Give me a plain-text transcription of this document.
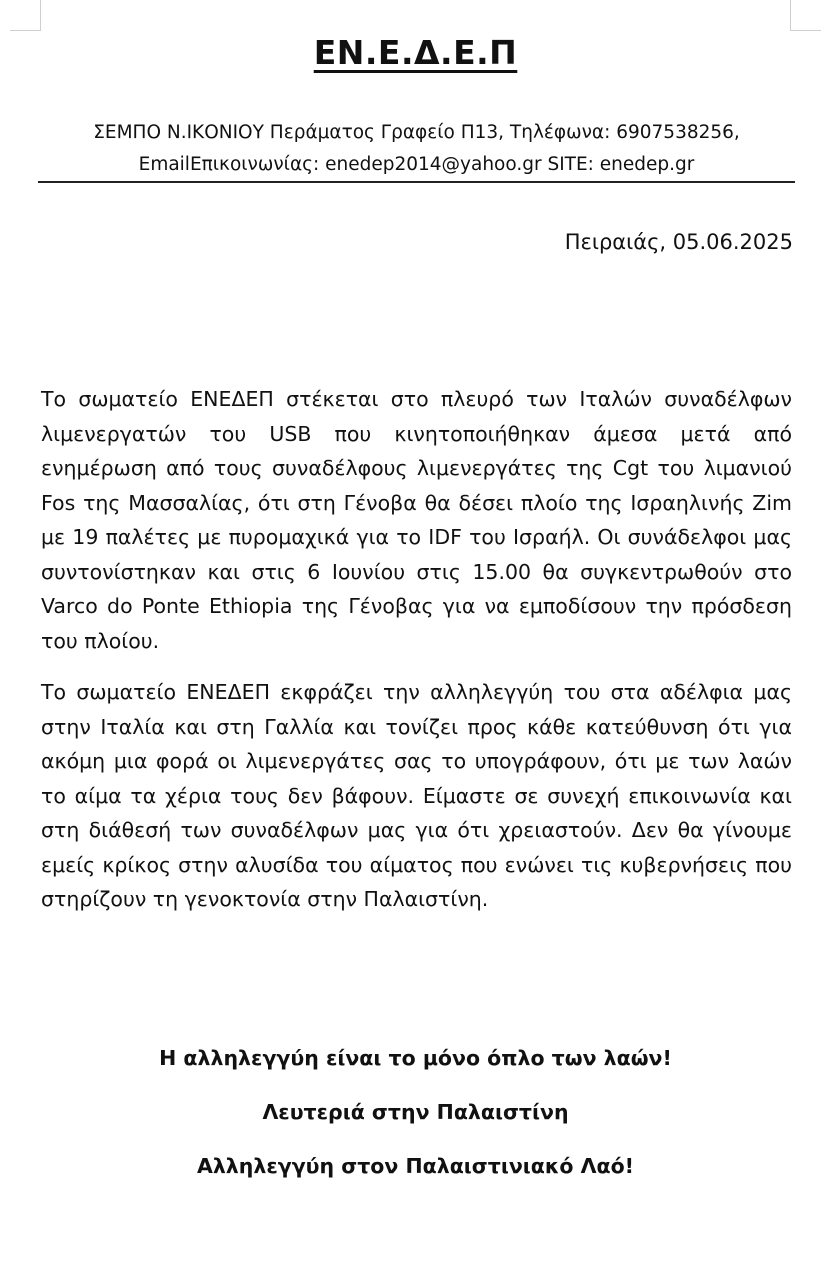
ΕΝ.Ε.Δ.Ε.Π
ΣΕΜΠΟ Ν.ΙΚΟΝΙΟΥ Περάματος Γραφείο Π13, Τηλέφωνα: 6907538256,
EmailΕπικοινωνίας: enedep2014@yahoo.gr SITE: enedep.gr
Πειραιάς, 05.06.2025

Το σωματείο ΕΝΕΔΕΠ στέκεται στο πλευρό των Ιταλών συναδέλφων λιμενεργατών του USB που κινητοποιήθηκαν άμεσα μετά από ενημέρωση από τους συναδέλφους λιμενεργάτες της Cgt του λιμανιού Fos της Μασσαλίας, ότι στη Γένοβα θα δέσει πλοίο της Ισραηλινής Zim με 19 παλέτες με πυρομαχικά για το IDF του Ισραήλ. Οι συνάδελφοι μας συντονίστηκαν και στις 6 Ιουνίου στις 15.00 θα συγκεντρωθούν στο Varco do Ponte Ethiopia της Γένοβας για να εμποδίσουν την πρόσδεση του πλοίου.

Το σωματείο ΕΝΕΔΕΠ εκφράζει την αλληλεγγύη του στα αδέλφια μας στην Ιταλία και στη Γαλλία και τονίζει προς κάθε κατεύθυνση ότι για ακόμη μια φορά οι λιμενεργάτες σας το υπογράφουν, ότι με των λαών το αίμα τα χέρια τους δεν βάφουν. Είμαστε σε συνεχή επικοινωνία και στη διάθεσή των συναδέλφων μας για ότι χρειαστούν. Δεν θα γίνουμε εμείς κρίκος στην αλυσίδα του αίματος που ενώνει τις κυβερνήσεις που στηρίζουν τη γενοκτονία στην Παλαιστίνη.

Η αλληλεγγύη είναι το μόνο όπλο των λαών!
Λευτεριά στην Παλαιστίνη
Αλληλεγγύη στον Παλαιστινιακό Λαό!
